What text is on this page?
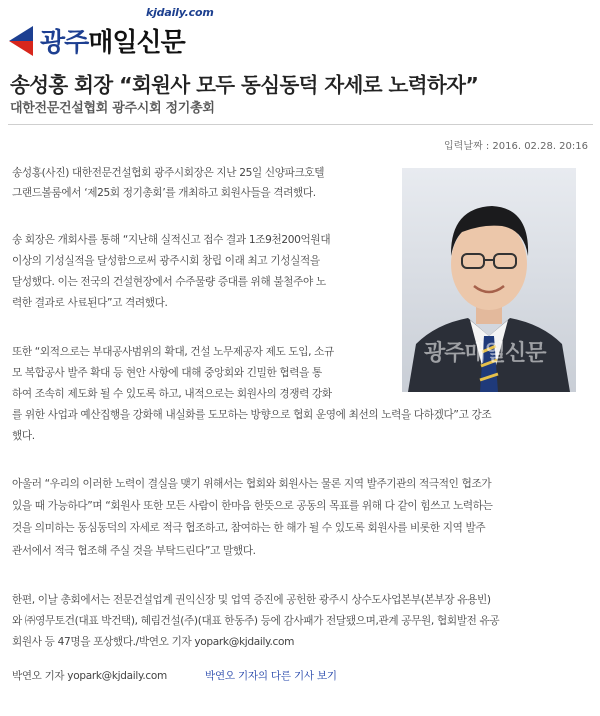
kjdaily.com
광주매일신문
송성홍 회장 “회원사 모두 동심동덕 자세로 노력하자”
대한전문건설협회 광주시회 정기총회
입력날짜 : 2016. 02.28. 20:16
광주매일신문

송성홍(사진) 대한전문건설협회 광주시회장은 지난 25일 신양파크호텔

그랜드볼룸에서 ‘제25회 정기총회’를 개최하고 회원사들을 격려했다.

송 회장은 개회사를 통해 “지난해 실적신고 접수 결과 1조9천200억원대

이상의 기성실적을 달성함으로써 광주시회 창립 이래 최고 기성실적을

달성했다. 이는 전국의 건설현장에서 수주물량 증대를 위해 불철주야 노

력한 결과로 사료된다”고 격려했다.

또한 “외적으로는 부대공사범위의 확대, 건설 노무제공자 제도 도입, 소규

모 복합공사 발주 확대 등 현안 사항에 대해 중앙회와 긴밀한 협력을 통

하여 조속히 제도화 될 수 있도록 하고, 내적으로는 회원사의 경쟁력 강화

를 위한 사업과 예산집행을 강화해 내실화를 도모하는 방향으로 협회 운영에 최선의 노력을 다하겠다”고 강조

했다.

아울러 “우리의 이러한 노력이 결실을 맺기 위해서는 협회와 회원사는 물론 지역 발주기관의 적극적인 협조가

있을 때 가능하다”며 “회원사 또한 모든 사람이 한마음 한뜻으로 공동의 목표를 위해 다 같이 힘쓰고 노력하는

것을 의미하는 동심동덕의 자세로 적극 협조하고, 참여하는 한 해가 될 수 있도록 회원사를 비롯한 지역 발주

관서에서 적극 협조해 주실 것을 부탁드린다”고 말했다.

한편, 이날 총회에서는 전문건설업계 권익신장 및 업역 증진에 공헌한 광주시 상수도사업본부(본부장 유용빈)

와 ㈜영무토건(대표 박건택), 혜림건설(주)(대표 한동주) 등에 감사패가 전달됐으며,관계 공무원, 협회발전 유공

회원사 등 47명을 포상했다./박연오 기자 yopark@kjdaily.com

박연오 기자 yopark@kjdaily.com	박연오 기자의 다른 기사 보기
